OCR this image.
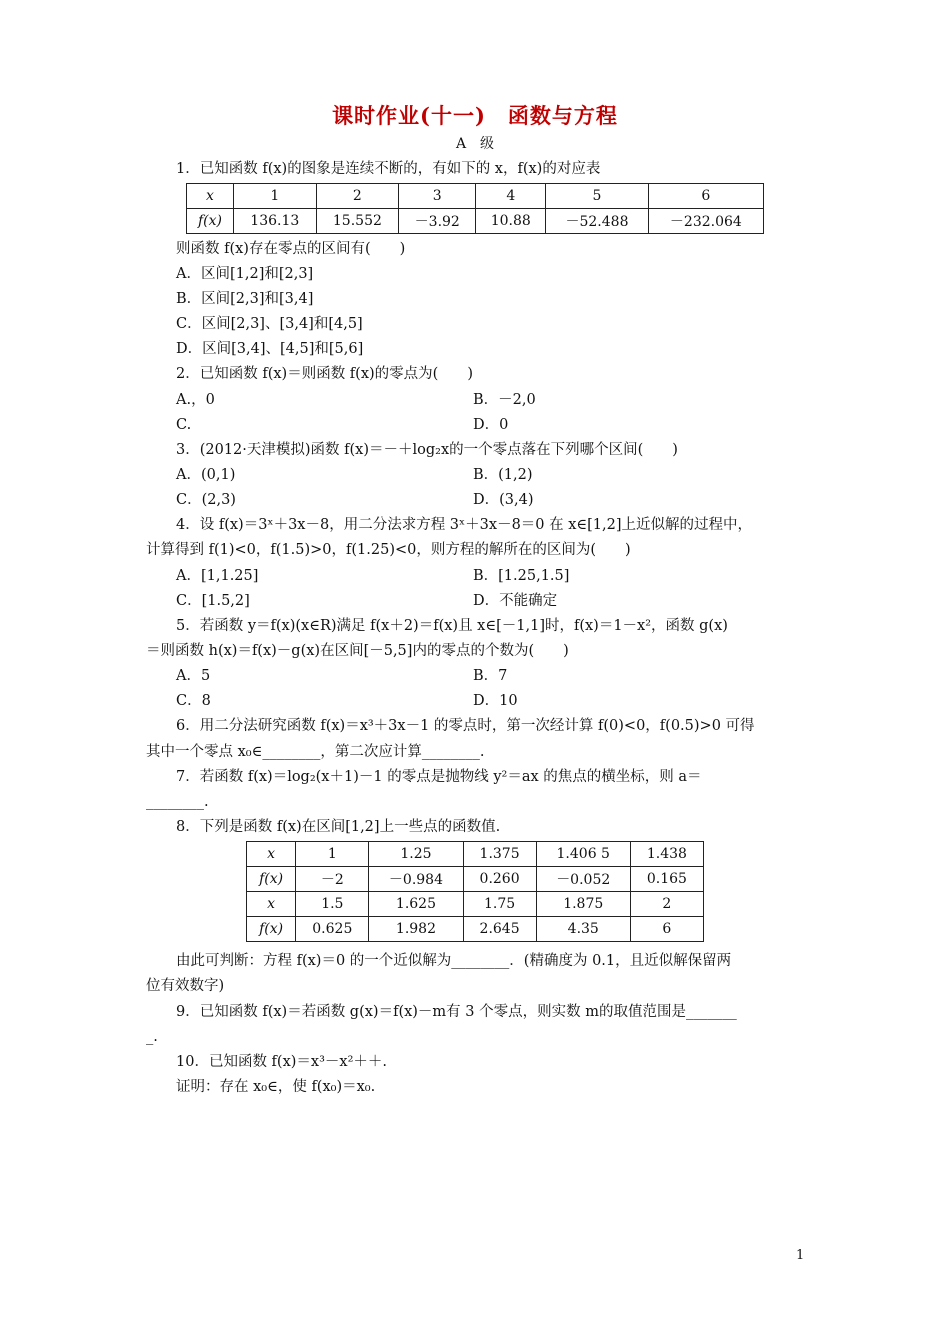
课时作业(十一)　函数与方程
A　级
1．已知函数 f(x)的图象是连续不断的，有如下的 x，f(x)的对应表
x	1	2	3	4	5	6
f(x)	136.13	15.552	－3.92	10.88	－52.488	－232.064
则函数 f(x)存在零点的区间有(　　)
A．区间[1,2]和[2,3]
B．区间[2,3]和[3,4]
C．区间[2,3]、[3,4]和[4,5]
D．区间[3,4]、[4,5]和[5,6]
2．已知函数 f(x)＝则函数 f(x)的零点为(　　)
A.，0	B．－2,0
C.	D．0
3．(2012·天津模拟)函数 f(x)＝－＋log₂x的一个零点落在下列哪个区间(　　)
A．(0,1)	B．(1,2)
C．(2,3)	D．(3,4)
4．设 f(x)＝3ˣ＋3x－8，用二分法求方程 3ˣ＋3x－8＝0 在 x∈[1,2]上近似解的过程中，
计算得到 f(1)<0，f(1.5)>0，f(1.25)<0，则方程的解所在的区间为(　　)
A．[1,1.25]	B．[1.25,1.5]
C．[1.5,2]	D．不能确定
5．若函数 y＝f(x)(x∈R)满足 f(x＋2)＝f(x)且 x∈[－1,1]时，f(x)＝1－x²，函数 g(x)
＝则函数 h(x)＝f(x)－g(x)在区间[－5,5]内的零点的个数为(　　)
A．5	B．7
C．8	D．10
6．用二分法研究函数 f(x)＝x³＋3x－1 的零点时，第一次经计算 f(0)<0，f(0.5)>0 可得
其中一个零点 x₀∈________，第二次应计算________.
7．若函数 f(x)＝log₂(x＋1)－1 的零点是抛物线 y²＝ax 的焦点的横坐标，则 a＝
________.
8．下列是函数 f(x)在区间[1,2]上一些点的函数值.
x	1	1.25	1.375	1.406 5	1.438
f(x)	－2	－0.984	0.260	－0.052	0.165
x	1.5	1.625	1.75	1.875	2
f(x)	0.625	1.982	2.645	4.35	6
由此可判断：方程 f(x)＝0 的一个近似解为________．(精确度为 0.1，且近似解保留两
位有效数字)
9．已知函数 f(x)＝若函数 g(x)＝f(x)－m有 3 个零点，则实数 m的取值范围是_______
_.
10．已知函数 f(x)＝x³－x²＋＋.
证明：存在 x₀∈，使 f(x₀)＝x₀.
1
